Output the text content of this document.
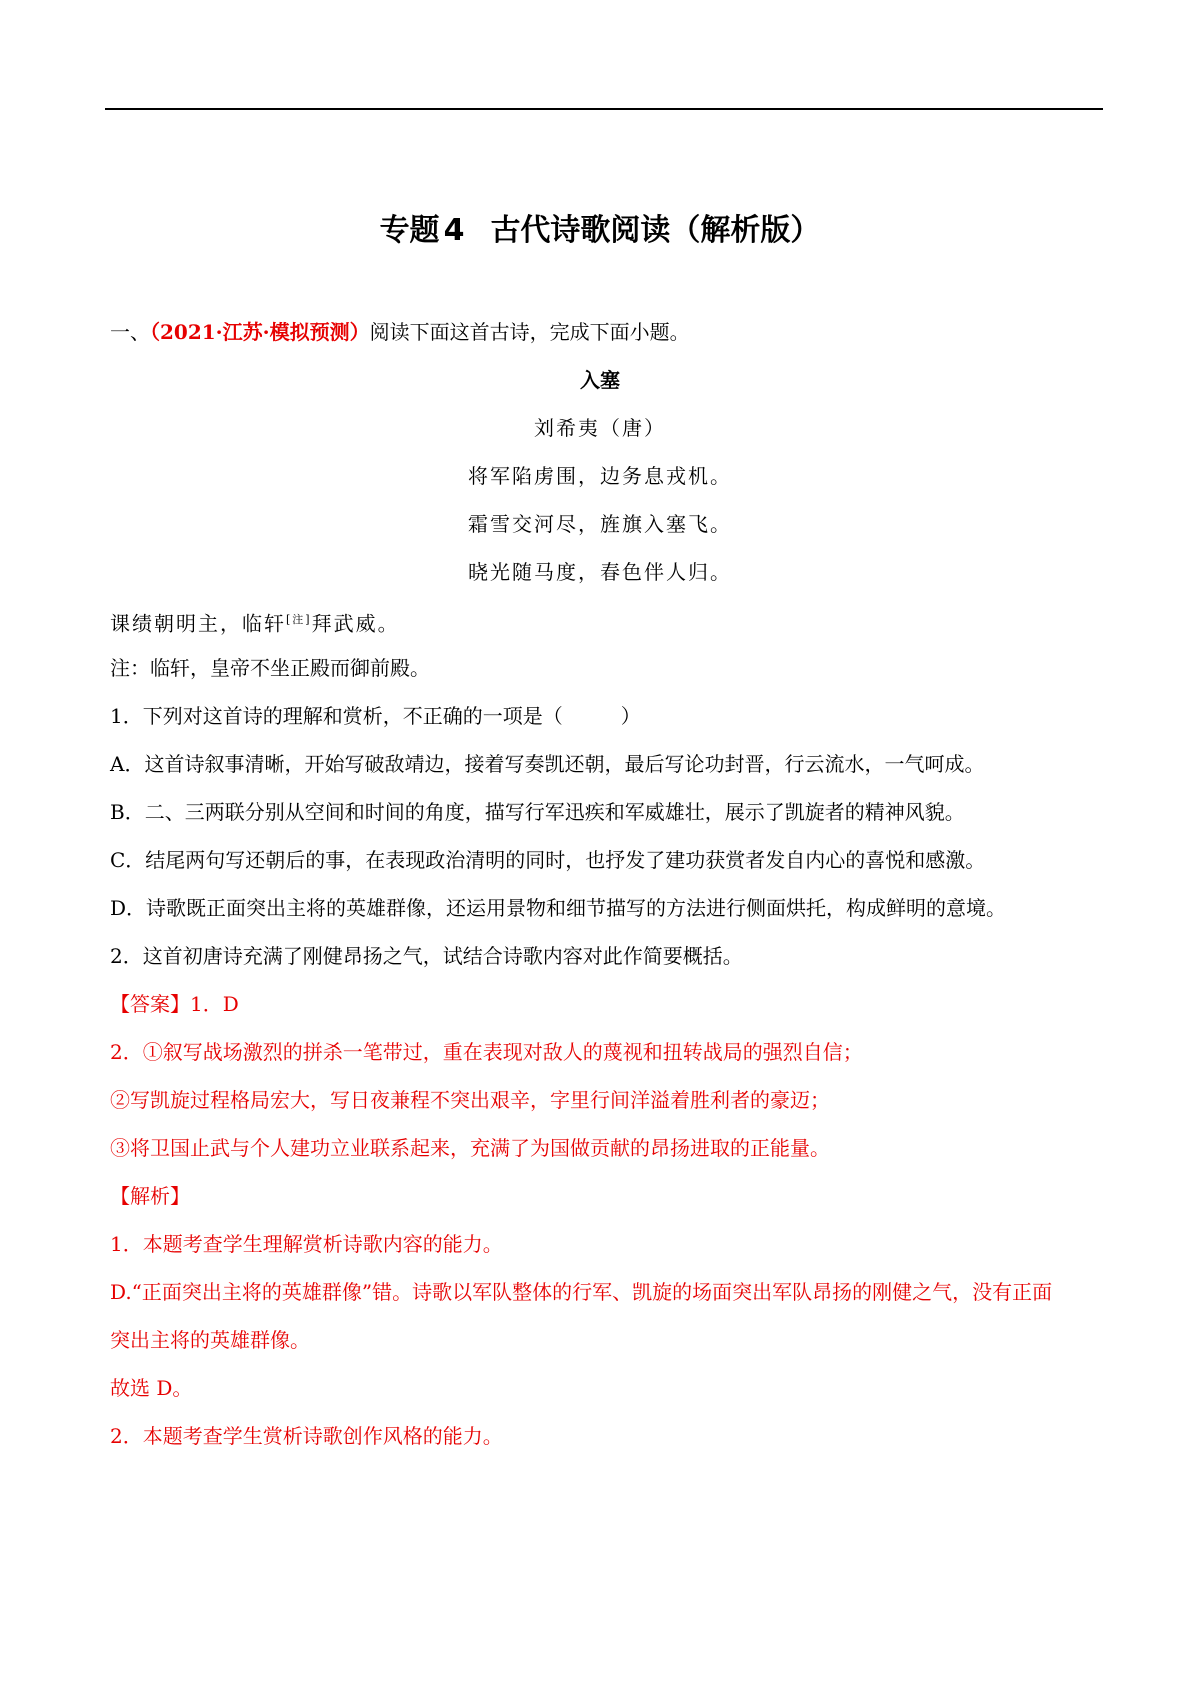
专题 4 古代诗歌阅读（解析版）
一、（2021·江苏·模拟预测）阅读下面这首古诗，完成下面小题。
入塞
刘希夷（唐）
将军陷虏围，边务息戎机。
霜雪交河尽，旌旗入塞飞。
晓光随马度，春色伴人归。
课绩朝明主，临轩[注]拜武威。
注：临轩，皇帝不坐正殿而御前殿。
1．下列对这首诗的理解和赏析，不正确的一项是（	）
A．这首诗叙事清晰，开始写破敌靖边，接着写奏凯还朝，最后写论功封晋，行云流水，一气呵成。
B．二、三两联分别从空间和时间的角度，描写行军迅疾和军威雄壮，展示了凯旋者的精神风貌。
C．结尾两句写还朝后的事，在表现政治清明的同时，也抒发了建功获赏者发自内心的喜悦和感激。
D．诗歌既正面突出主将的英雄群像，还运用景物和细节描写的方法进行侧面烘托，构成鲜明的意境。
2．这首初唐诗充满了刚健昂扬之气，试结合诗歌内容对此作简要概括。
【答案】1．D
2．①叙写战场激烈的拼杀一笔带过，重在表现对敌人的蔑视和扭转战局的强烈自信；
②写凯旋过程格局宏大，写日夜兼程不突出艰辛，字里行间洋溢着胜利者的豪迈；
③将卫国止武与个人建功立业联系起来，充满了为国做贡献的昂扬进取的正能量。
【解析】
1．本题考查学生理解赏析诗歌内容的能力。
D.“正面突出主将的英雄群像”错。诗歌以军队整体的行军、凯旋的场面突出军队昂扬的刚健之气，没有正面
突出主将的英雄群像。
故选 D。
2．本题考查学生赏析诗歌创作风格的能力。
